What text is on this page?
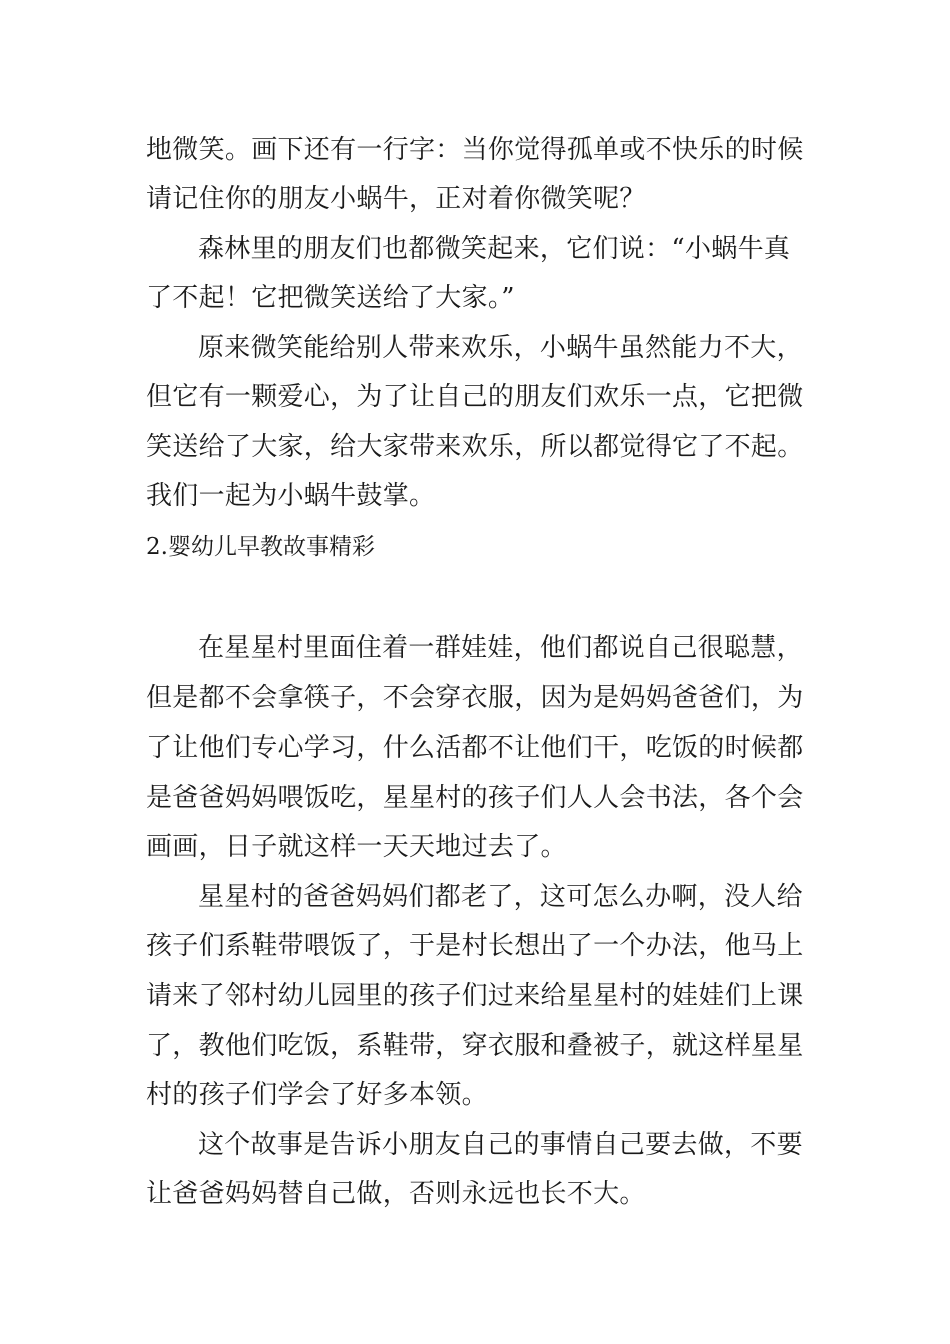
地微笑。画下还有一行字：当你觉得孤单或不快乐的时候
请记住你的朋友小蜗牛，正对着你微笑呢？
森林里的朋友们也都微笑起来，它们说：“小蜗牛真
了不起！它把微笑送给了大家。”
原来微笑能给别人带来欢乐，小蜗牛虽然能力不大，
但它有一颗爱心，为了让自己的朋友们欢乐一点，它把微
笑送给了大家，给大家带来欢乐，所以都觉得它了不起。
我们一起为小蜗牛鼓掌。
2.婴幼儿早教故事精彩
在星星村里面住着一群娃娃，他们都说自己很聪慧，
但是都不会拿筷子，不会穿衣服，因为是妈妈爸爸们，为
了让他们专心学习，什么活都不让他们干，吃饭的时候都
是爸爸妈妈喂饭吃，星星村的孩子们人人会书法，各个会
画画，日子就这样一天天地过去了。
星星村的爸爸妈妈们都老了，这可怎么办啊，没人给
孩子们系鞋带喂饭了，于是村长想出了一个办法，他马上
请来了邻村幼儿园里的孩子们过来给星星村的娃娃们上课
了，教他们吃饭，系鞋带，穿衣服和叠被子，就这样星星
村的孩子们学会了好多本领。
这个故事是告诉小朋友自己的事情自己要去做，不要
让爸爸妈妈替自己做，否则永远也长不大。
